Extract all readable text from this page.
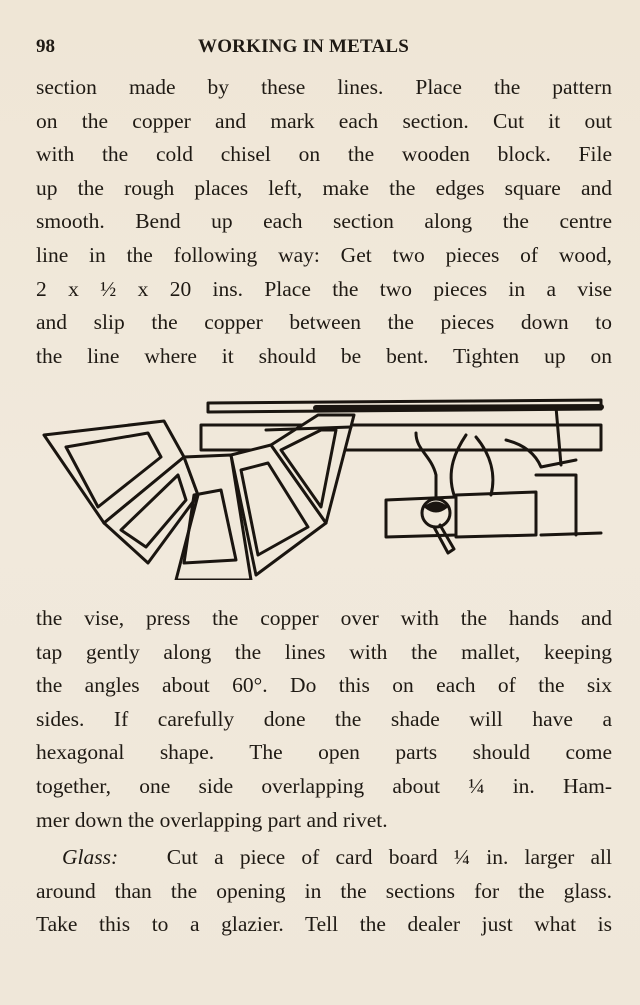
98	WORKING IN METALS
section made by these lines. Place the pattern
on the copper and mark each section. Cut it out
with the cold chisel on the wooden block. File
up the rough places left, make the edges square and
smooth. Bend up each section along the centre
line in the following way: Get two pieces of wood,
2 x ½ x 20 ins. Place the two pieces in a vise
and slip the copper between the pieces down to
the line where it should be bent. Tighten up on
the vise, press the copper over with the hands and
tap gently along the lines with the mallet, keeping
the angles about 60°. Do this on each of the six
sides. If carefully done the shade will have a
hexagonal shape. The open parts should come
together, one side overlapping about ¼ in. Ham-
mer down the overlapping part and rivet.
Glass: Cut a piece of card board ¼ in. larger all
around than the opening in the sections for the glass.
Take this to a glazier. Tell the dealer just what is
